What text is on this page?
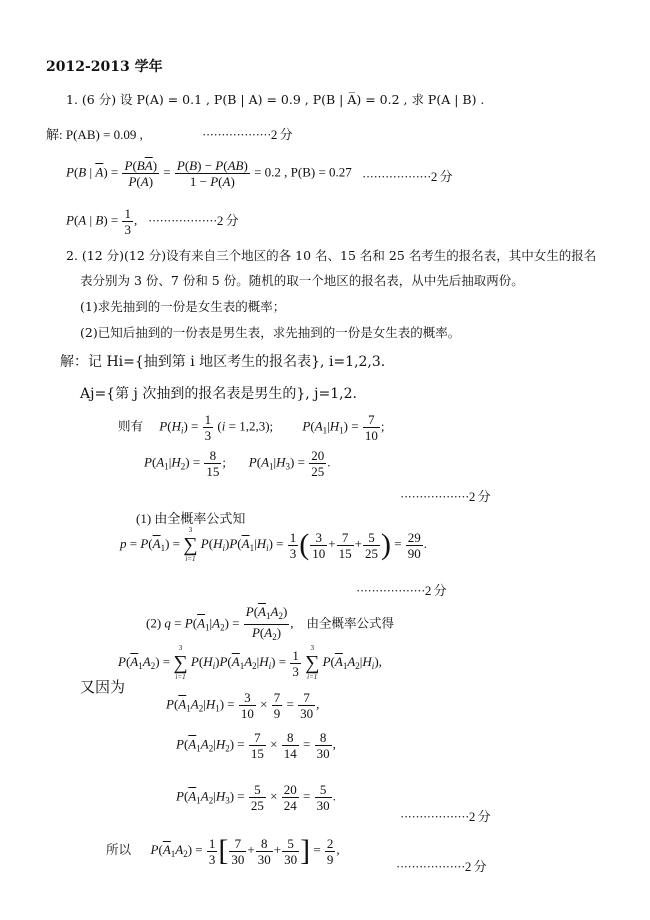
2012-2013 学年
1. (6 分) 设 P(A) = 0.1 , P(B | A) = 0.9 , P(B | A̅) = 0.2 , 求 P(A | B) .
解: P(AB) = 0.09 ,	··················2 分
P(B | $\overline{A}) = \frac{P(B\overline{A})}{P(\overline{A})} = \frac{P(B) - P(AB)}{1 - P(A)} = 0.2$ , P(B) = 0.27 ··················2 分
P(A | $B) = \frac{1}{3}$ , ··················2 分
2. (12 分)(12 分)设有来自三个地区的各 10 名、15 名和 25 名考生的报名表，其中女生的报名
表分别为 3 份、7 份和 5 份。随机的取一个地区的报名表，从中先后抽取两份。
(1)求先抽到的一份是女生表的概率；
(2)已知后抽到的一份表是男生表，求先抽到的一份是女生表的概率。
解：记 Hi={抽到第 i 地区考生的报名表}, i=1,2,3.
Aj={第 j 次抽到的报名表是男生的}, j=1,2.
则有 $P(H_i) = \frac{1}{3} (i = 1,2,3)$;         $P(A_1|H_1) = \frac{7}{10}$ ;
$P(A_1|H_2) = \frac{8}{15}$ ;       $P(A_1|H_3) = \frac{20}{25}$ .
··················2 分
(1) 由全概率公式知
$p = P(\overline{A}_1)$ =
3
∑
i=1
$P(H_i)P(\overline{A}_1|H_i) = \frac{1}{3}$ ( $\frac{3}{10} + \frac{7}{15} + \frac{5}{25}$ ) = $\frac{29}{90}$ .
··················2 分
(2) $q = P(\overline{A}_1|A_2) = \frac{P(\overline{A}_1A_2)}{P(A_2)}$ ,    由全概率公式得
$P(\overline{A}_1A_2)$ =
3
∑
i=1
$P(H_i)P(\overline{A}_1A_2|H_i) = \frac{1}{3}$
	3
∑
i=1
$P(\overline{A}_1A_2|H_i)$,
又因为
$P(\overline{A}_1A_2|H_1) = \frac{3}{10} \times \frac{7}{9} = \frac{7}{30}$ ,
$P(\overline{A}_1A_2|H_2) = \frac{7}{15} \times \frac{8}{14} = \frac{8}{30}$ ,
$P(\overline{A}_1A_2|H_3) = \frac{5}{25} \times \frac{20}{24} = \frac{5}{30}$ .
··················2 分
所以 $P(\overline{A}_1A_2) = \frac{1}{3}$ [ $\frac{7}{30} + \frac{8}{30} + \frac{5}{30}$ ] = $\frac{2}{9}$ ,
··················2 分
